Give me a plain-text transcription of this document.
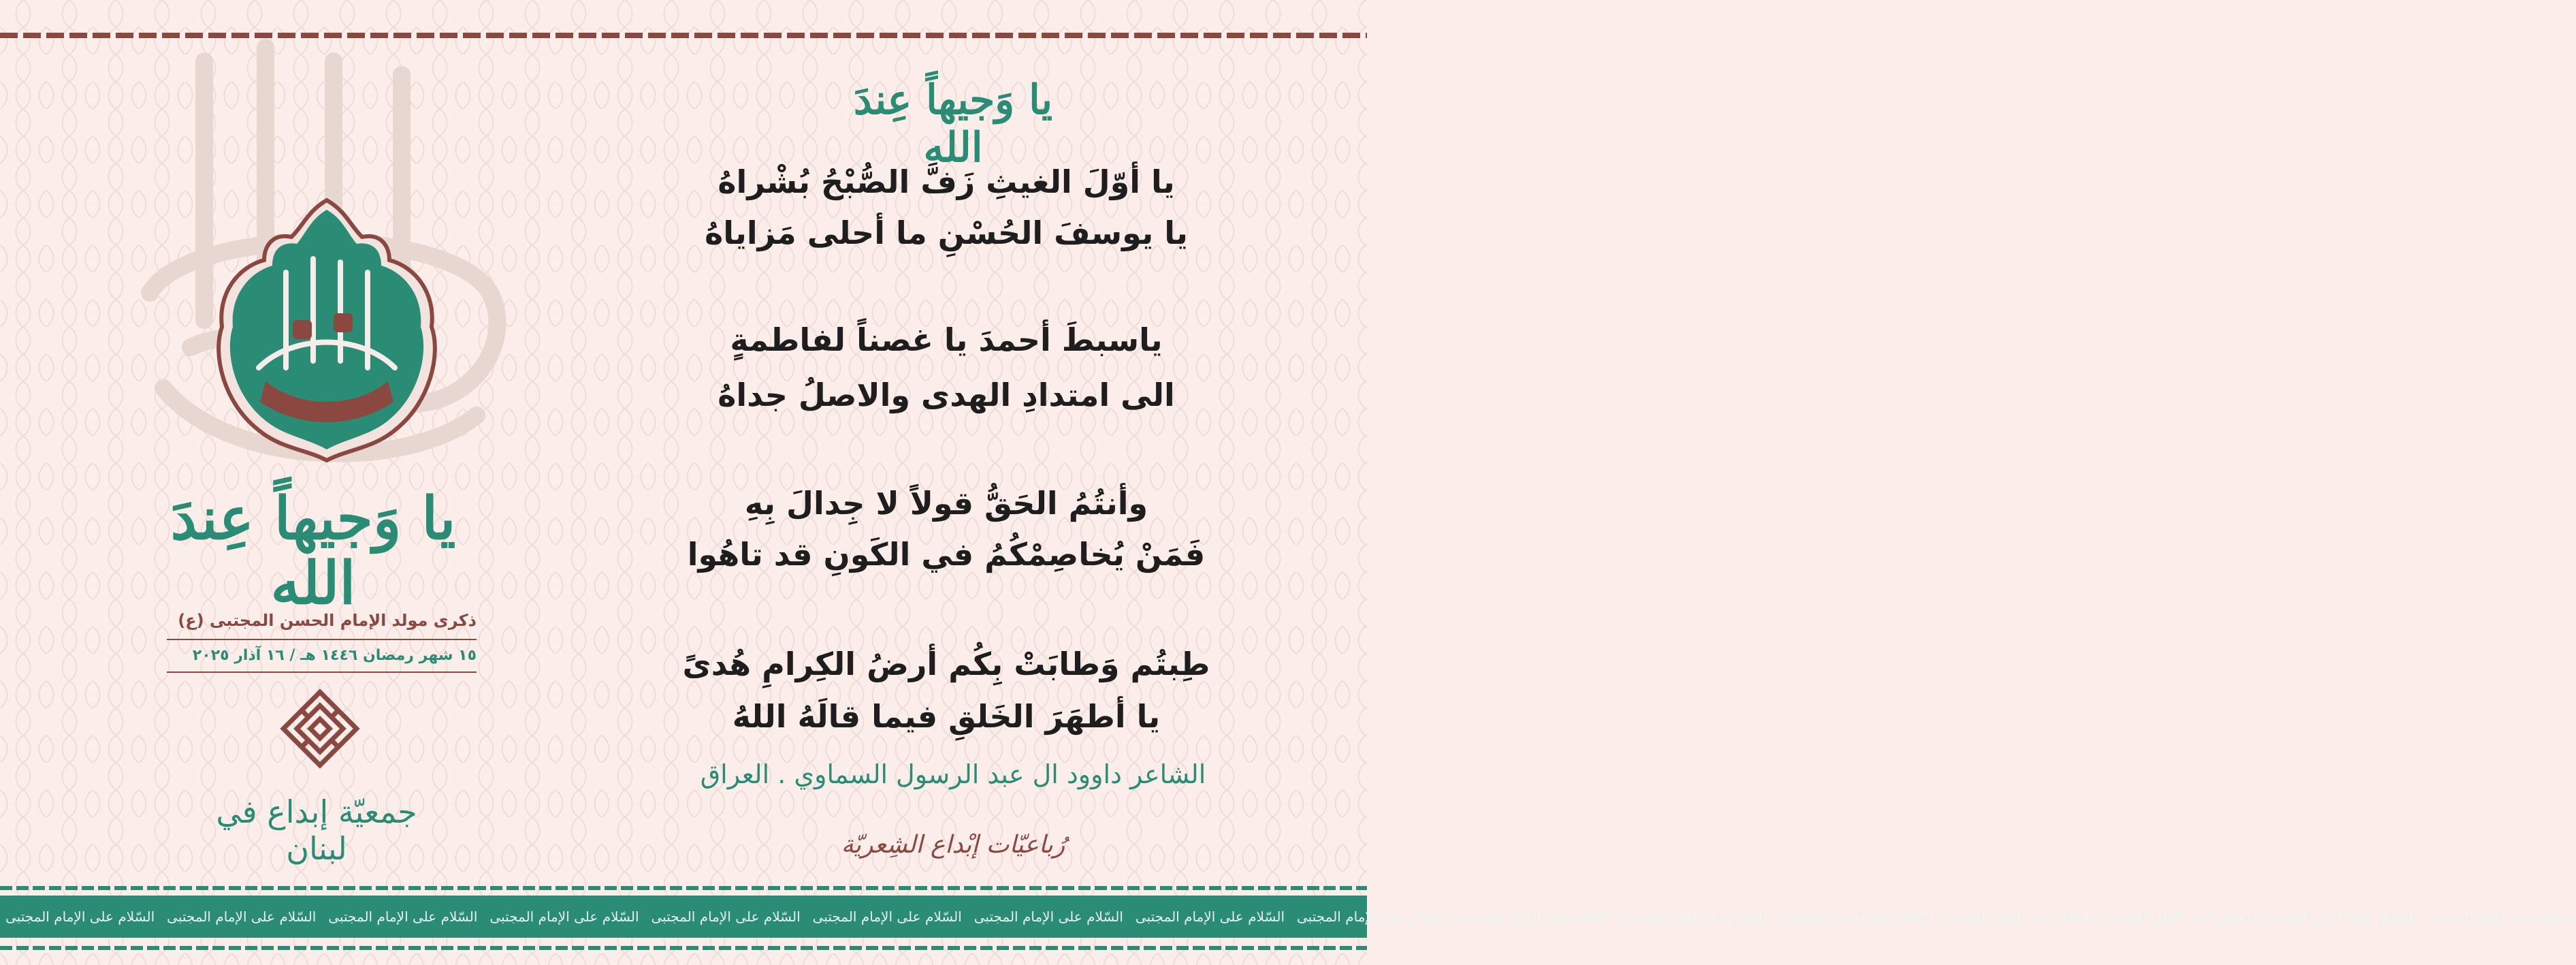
يا وَجيهاً عِندَ الله
ذكرى مولد الإمام الحسن المجتبى (ع)
١٥ شهر رمضان ١٤٤٦ هـ / ١٦ آذار ٢٠٢٥
جمعيّة إبداع في لبنان
يا وَجيهاً عِندَ الله
يا أوّلَ الغيثِ زَفَّ الصُّبْحُ بُشْراهُ
يا يوسفَ الحُسْنِ ما أحلى مَزاياهُ
ياسبطَ أحمدَ يا غصناً لفاطمةٍ
الى امتدادِ الهدى والاصلُ جداهُ
وأنتُمُ الحَقُّ قولاً لا جِدالَ بِهِ
فَمَنْ يُخاصِمْكُمُ في الكَونِ قد تاهُوا
طِبتُم وَطابَتْ بِكُم أرضُ الكِرامِ هُدىً
يا أطهَرَ الخَلقِ فيما قالَهُ اللهُ
الشاعر داوود ال عبد الرسول السماوي . العراق
رُباعيّات إبْداع الشِعريّة
السّلام على الإمام المجتبى السّلام على الإمام المجتبى السّلام على الإمام المجتبى السّلام على الإمام المجتبى السّلام على الإمام المجتبى السّلام على الإمام المجتبى السّلام على الإمام المجتبى السّلام على الإمام المجتبى السّلام على الإمام المجتبى السّلام على الإمام المجتبى السّلام على الإمام المجتبى السّلام على الإمام المجتبى السّلام على الإمام المجتبى السّلام على الإمام المجتبى السّلام على الإمام المجتبى السّلام على الإمام المجتبى
